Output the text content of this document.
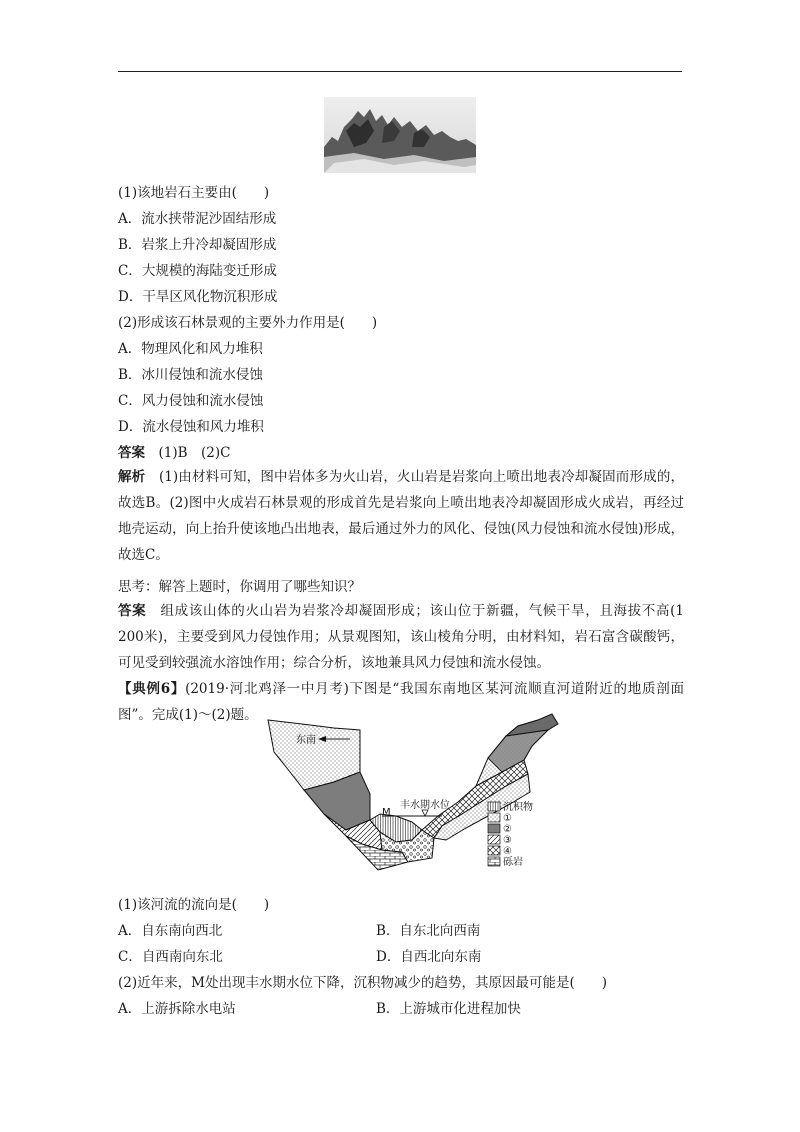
(1)该地岩石主要由(　　)
A．流水挟带泥沙固结形成
B．岩浆上升冷却凝固形成
C．大规模的海陆变迁形成
D．干旱区风化物沉积形成
(2)形成该石林景观的主要外力作用是(　　)
A．物理风化和风力堆积
B．冰川侵蚀和流水侵蚀
C．风力侵蚀和流水侵蚀
D．流水侵蚀和风力堆积
答案　 (1)B　(2)C
解析　 (1)由材料可知，图中岩体多为火山岩，火山岩是岩浆向上喷出地表冷却凝固而形成的，故选B。(2)图中火成岩石林景观的形成首先是岩浆向上喷出地表冷却凝固形成火成岩，再经过地壳运动，向上抬升使该地凸出地表，最后通过外力的风化、侵蚀(风力侵蚀和流水侵蚀)形成，故选C。
思考：解答上题时，你调用了哪些知识？
答案　 组成该山体的火山岩为岩浆冷却凝固形成；该山位于新疆，气候干旱，且海拔不高(1 200米)，主要受到风力侵蚀作用；从景观图知，该山棱角分明，由材料知，岩石富含碳酸钙，可见受到较强流水溶蚀作用；综合分析，该地兼具风力侵蚀和流水侵蚀。
【典例6】(2019·河北鸡泽一中月考)下图是“我国东南地区某河流顺直河道附近的地质剖面图”。完成(1)～(2)题。
东南
丰水期水位
M	沉积物
①
②
③
④
砾岩
(1)该河流的流向是(　　)
A．自东南向西北	B．自东北向西南
C．自西南向东北	D．自西北向东南
(2)近年来，M处出现丰水期水位下降，沉积物减少的趋势，其原因最可能是(　　)
A．上游拆除水电站	B．上游城市化进程加快
